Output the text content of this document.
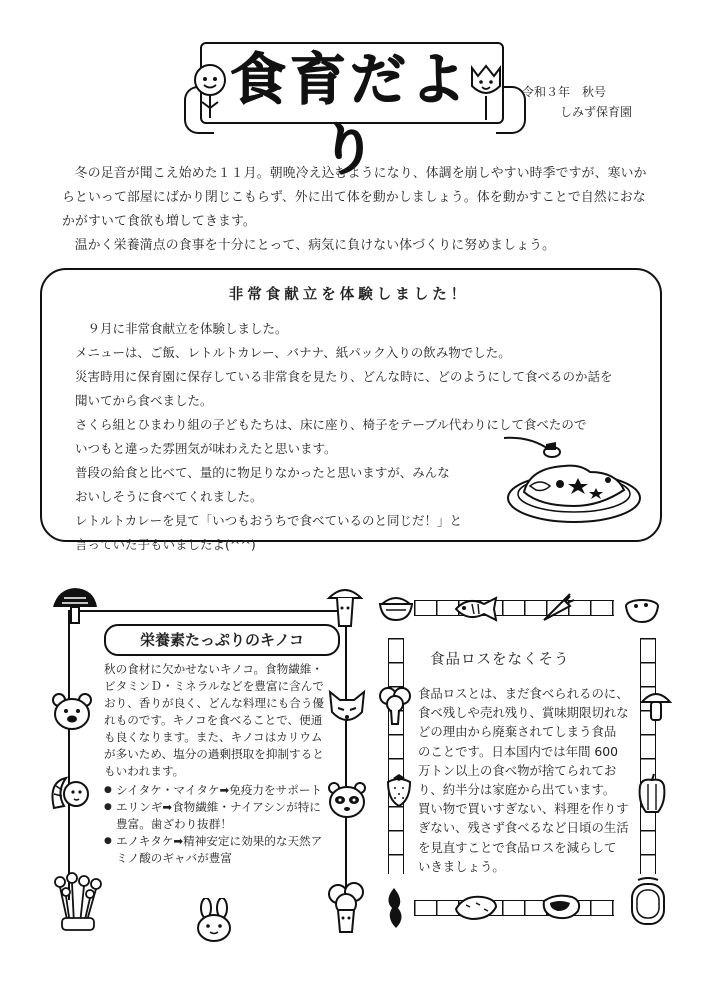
食育だより
令和３年　秋号
しみず保育園

冬の足音が聞こえ始めた１１月。朝晩冷え込むようになり、体調を崩しやすい時季ですが、寒いからといって部屋にばかり閉じこもらず、外に出て体を動かしましょう。体を動かすことで自然におなかがすいて食欲も増してきます。

温かく栄養満点の食事を十分にとって、病気に負けない体づくりに努めましょう。

非常食献立を体験しました！
　９月に非常食献立を体験しました。
メニューは、ご飯、レトルトカレー、バナナ、紙パック入りの飲み物でした。
災害時用に保育園に保存している非常食を見たり、どんな時に、どのようにして食べるのか話を
聞いてから食べました。
さくら組とひまわり組の子どもたちは、床に座り、椅子をテーブル代わりにして食べたので
いつもと違った雰囲気が味わえたと思います。
普段の給食と比べて、量的に物足りなかったと思いますが、みんな
おいしそうに食べてくれました。
レトルトカレーを見て「いつもおうちで食べているのと同じだ！」と
言っていた子もいましたよ(^^)
栄養素たっぷりのキノコ

秋の食材に欠かせないキノコ。食物繊維・ビタミンＤ・ミネラルなどを豊富に含んでおり、香りが良く、どんな料理にも合う優れものです。キノコを食べることで、便通も良くなります。また、キノコはカリウムが多いため、塩分の過剰摂取を抑制するともいわれます。

● シイタケ・マイタケ➡免疫力をサポート
● エリンギ➡食物繊維・ナイアシンが特に豊富。歯ざわり抜群！
● エノキタケ➡精神安定に効果的な天然アミノ酸のギャバが豊富
食品ロスをなくそう
食品ロスとは、まだ食べられるのに、
食べ残しや売れ残り、賞味期限切れな
どの理由から廃棄されてしまう食品
のことです。日本国内では年間 600
万トン以上の食べ物が捨てられてお
り、約半分は家庭から出ています。
買い物で買いすぎない、料理を作りす
ぎない、残さず食べるなど日頃の生活
を見直すことで食品ロスを減らして
いきましょう。
